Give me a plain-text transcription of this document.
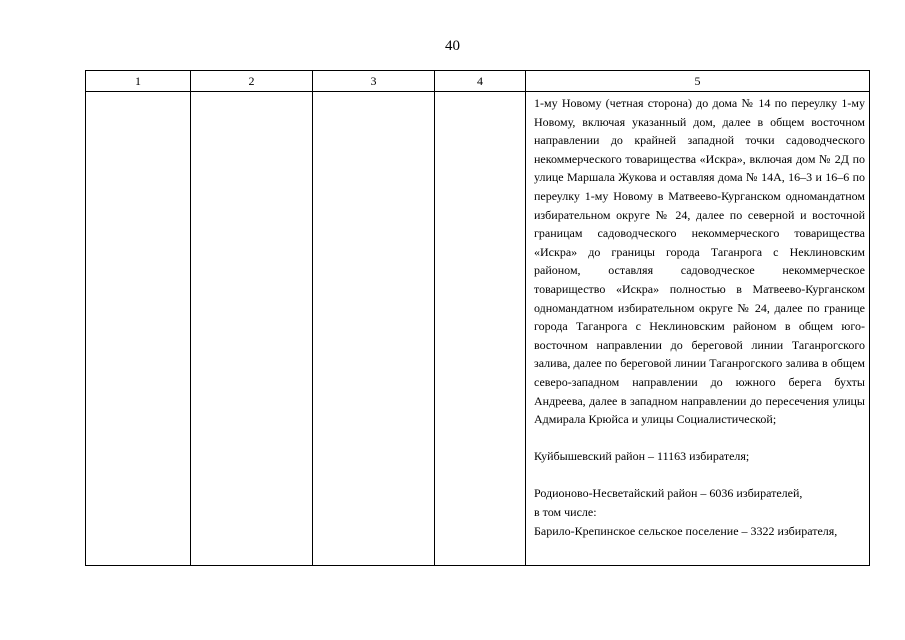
40
1	2	3	4	5

				1-му Новому (четная сторона) до дома № 14 по переулку 1-му Новому, включая указанный дом, далее в общем восточном направлении до крайней западной точки садоводческого некоммерческого товарищества «Искра», включая дом № 2Д по улице Маршала Жукова и оставляя дома № 14А, 16–3 и 16–6 по переулку 1-му Новому в Матвеево-Курганском одномандатном избирательном округе № 24, далее по северной и восточной границам садоводческого некоммерческого товарищества «Искра» до границы города Таганрога с Неклиновским районом, оставляя садоводческое некоммерческое товарищество «Искра» полностью в Матвеево-Курганском одномандатном избирательном округе № 24, далее по границе города Таганрога с Неклиновским районом в общем юго-восточном направлении до береговой линии Таганрогского залива, далее по береговой линии Таганрогского залива в общем северо-западном направлении до южного берега бухты Андреева, далее в западном направлении до пересечения улицы Адмирала Крюйса и улицы Социалистической;

Куйбышевский район – 11163 избирателя;

Родионово-Несветайский район – 6036 избирателей,

в том числе:

Барило-Крепинское сельское поселение – 3322 избирателя,
